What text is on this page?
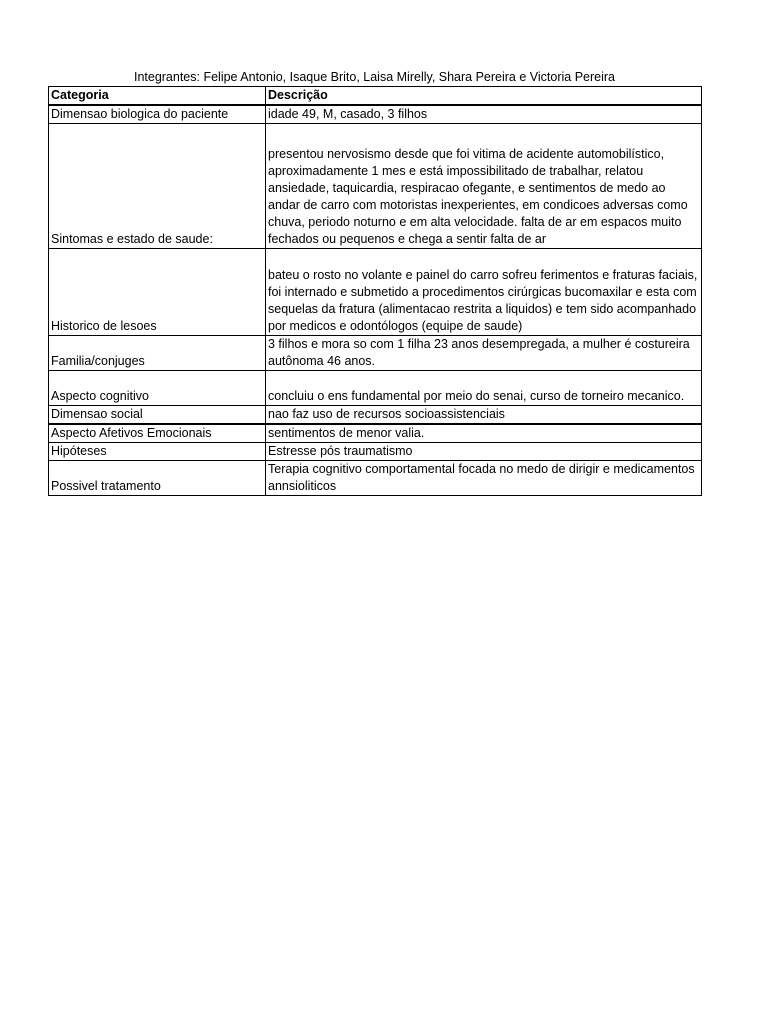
Integrantes: Felipe Antonio, Isaque Brito, Laisa Mirelly, Shara Pereira e Victoria Pereira
Categoria	Descrição
Dimensao biologica do paciente	idade 49, M, casado, 3 filhos
Sintomas e estado de saude:	presentou nervosismo desde que foi vitima de acidente automobilístico, aproximadamente 1 mes e está impossibilitado de trabalhar, relatou ansiedade, taquicardia, respiracao ofegante, e sentimentos de medo ao andar de carro com motoristas inexperientes, em condicoes adversas como chuva, periodo noturno e em alta velocidade. falta de ar em espacos muito fechados ou pequenos e chega a sentir falta de ar
Historico de lesoes	bateu o rosto no volante e painel do carro sofreu ferimentos e fraturas faciais, foi internado e submetido a procedimentos cirúrgicas bucomaxilar e esta com sequelas da fratura (alimentacao restrita a liquidos) e tem sido acompanhado por medicos e odontólogos (equipe de saude)
Familia/conjuges	3 filhos e mora so com 1 filha 23 anos desempregada, a mulher é costureira autônoma 46 anos.
Aspecto cognitivo	concluiu o ens fundamental por meio do senai, curso de torneiro mecanico.
Dimensao social	nao faz uso de recursos socioassistenciais
Aspecto Afetivos Emocionais	sentimentos de menor valia.
Hipóteses	Estresse pós traumatismo
Possivel tratamento	Terapia cognitivo comportamental focada no medo de dirigir e medicamentos annsioliticos
